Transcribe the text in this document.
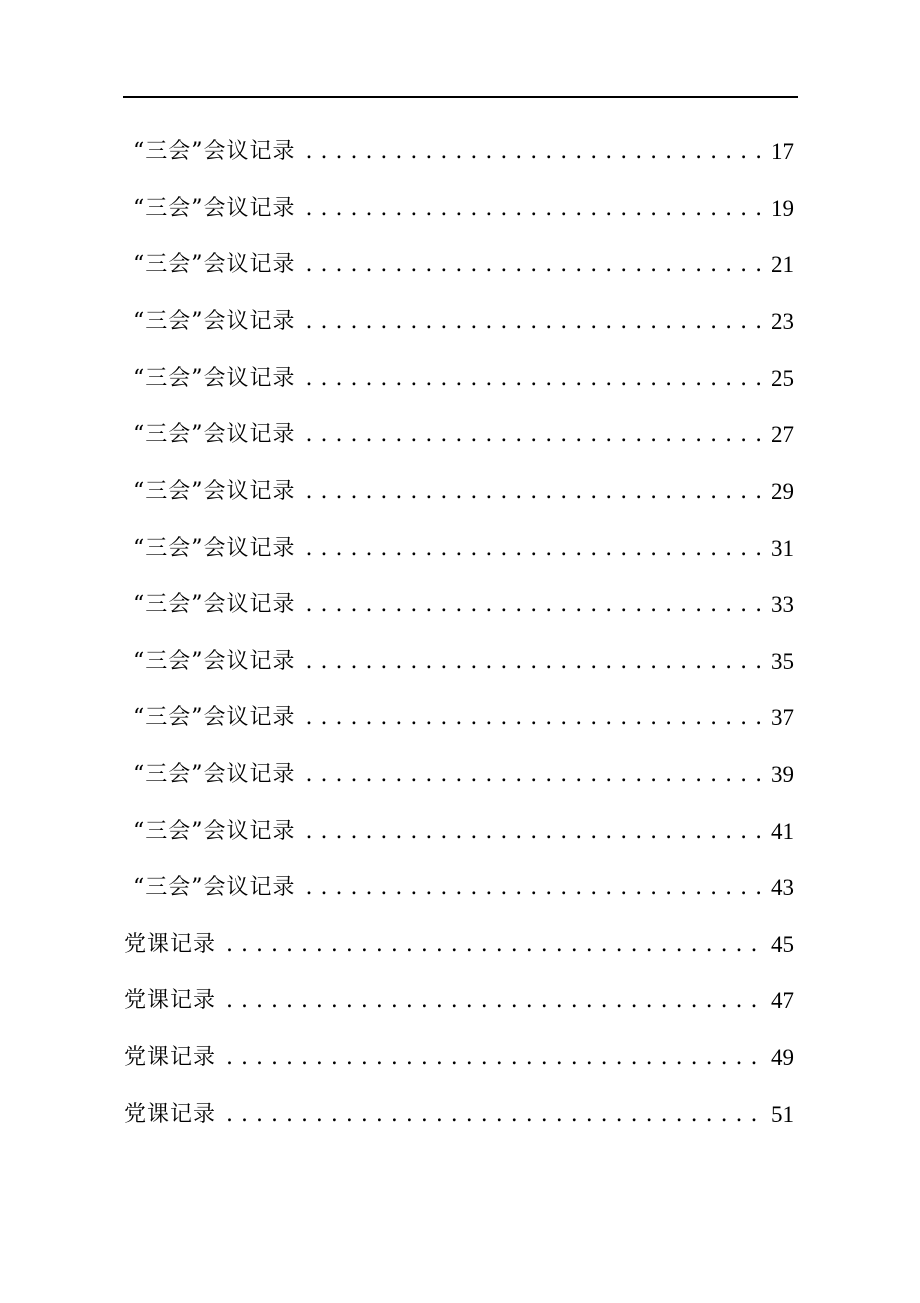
“三会”会议记录 . . .	17
“三会”会议记录 . . .	19
“三会”会议记录 . . .	21
“三会”会议记录 . . .	23
“三会”会议记录 . . .	25
“三会”会议记录 . . .	27
“三会”会议记录 . . .	29
“三会”会议记录 . . .	31
“三会”会议记录 . . .	33
“三会”会议记录 . . .	35
“三会”会议记录 . . .	37
“三会”会议记录 . . .	39
“三会”会议记录 . . .	41
“三会”会议记录 . . .	43
党课记录 . . .	45
党课记录 . . .	47
党课记录 . . .	49
党课记录 . . .	51
